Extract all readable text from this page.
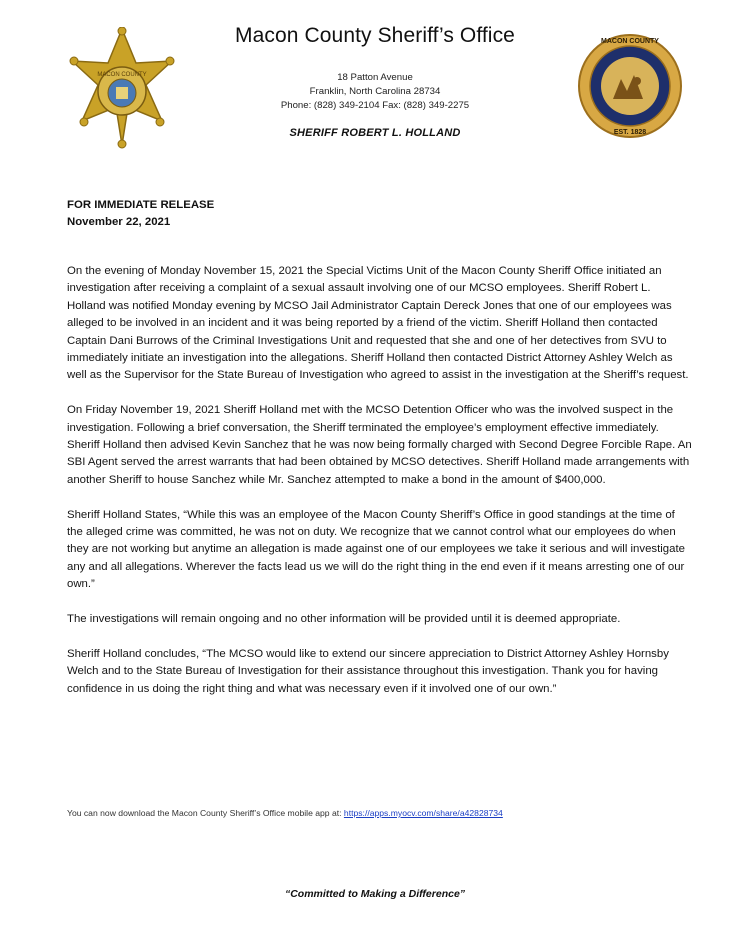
MACON COUNTY
MACON COUNTY
EST. 1828
Macon County Sheriff’s Office
18 Patton Avenue
Franklin, North Carolina 28734
Phone: (828) 349-2104 Fax: (828) 349-2275
SHERIFF ROBERT L. HOLLAND
FOR IMMEDIATE RELEASE
November 22, 2021

On the evening of Monday November 15, 2021 the Special Victims Unit of the Macon County Sheriff Office initiated an investigation after receiving a complaint of a sexual assault involving one of our MCSO employees. Sheriff Robert L. Holland was notified Monday evening by MCSO Jail Administrator Captain Dereck Jones that one of our employees was alleged to be involved in an incident and it was being reported by a friend of the victim. Sheriff Holland then contacted Captain Dani Burrows of the Criminal Investigations Unit and requested that she and one of her detectives from SVU to immediately initiate an investigation into the allegations. Sheriff Holland then contacted District Attorney Ashley Welch as well as the Supervisor for the State Bureau of Investigation who agreed to assist in the investigation at the Sheriff’s request.

On Friday November 19, 2021 Sheriff Holland met with the MCSO Detention Officer who was the involved suspect in the investigation. Following a brief conversation, the Sheriff terminated the employee’s employment effective immediately. Sheriff Holland then advised Kevin Sanchez that he was now being formally charged with Second Degree Forcible Rape. An SBI Agent served the arrest warrants that had been obtained by MCSO detectives. Sheriff Holland made arrangements with another Sheriff to house Sanchez while Mr. Sanchez attempted to make a bond in the amount of $400,000.

Sheriff Holland States, “While this was an employee of the Macon County Sheriff’s Office in good standings at the time of the alleged crime was committed, he was not on duty. We recognize that we cannot control what our employees do when they are not working but anytime an allegation is made against one of our employees we take it serious and will investigate any and all allegations. Wherever the facts lead us we will do the right thing in the end even if it means arresting one of our own.”

The investigations will remain ongoing and no other information will be provided until it is deemed appropriate.

Sheriff Holland concludes, “The MCSO would like to extend our sincere appreciation to District Attorney Ashley Hornsby Welch and to the State Bureau of Investigation for their assistance throughout this investigation. Thank you for having confidence in us doing the right thing and what was necessary even if it involved one of our own.”

You can now download the Macon County Sheriff’s Office mobile app at: https://apps.myocv.com/share/a42828734
“Committed to Making a Difference”
